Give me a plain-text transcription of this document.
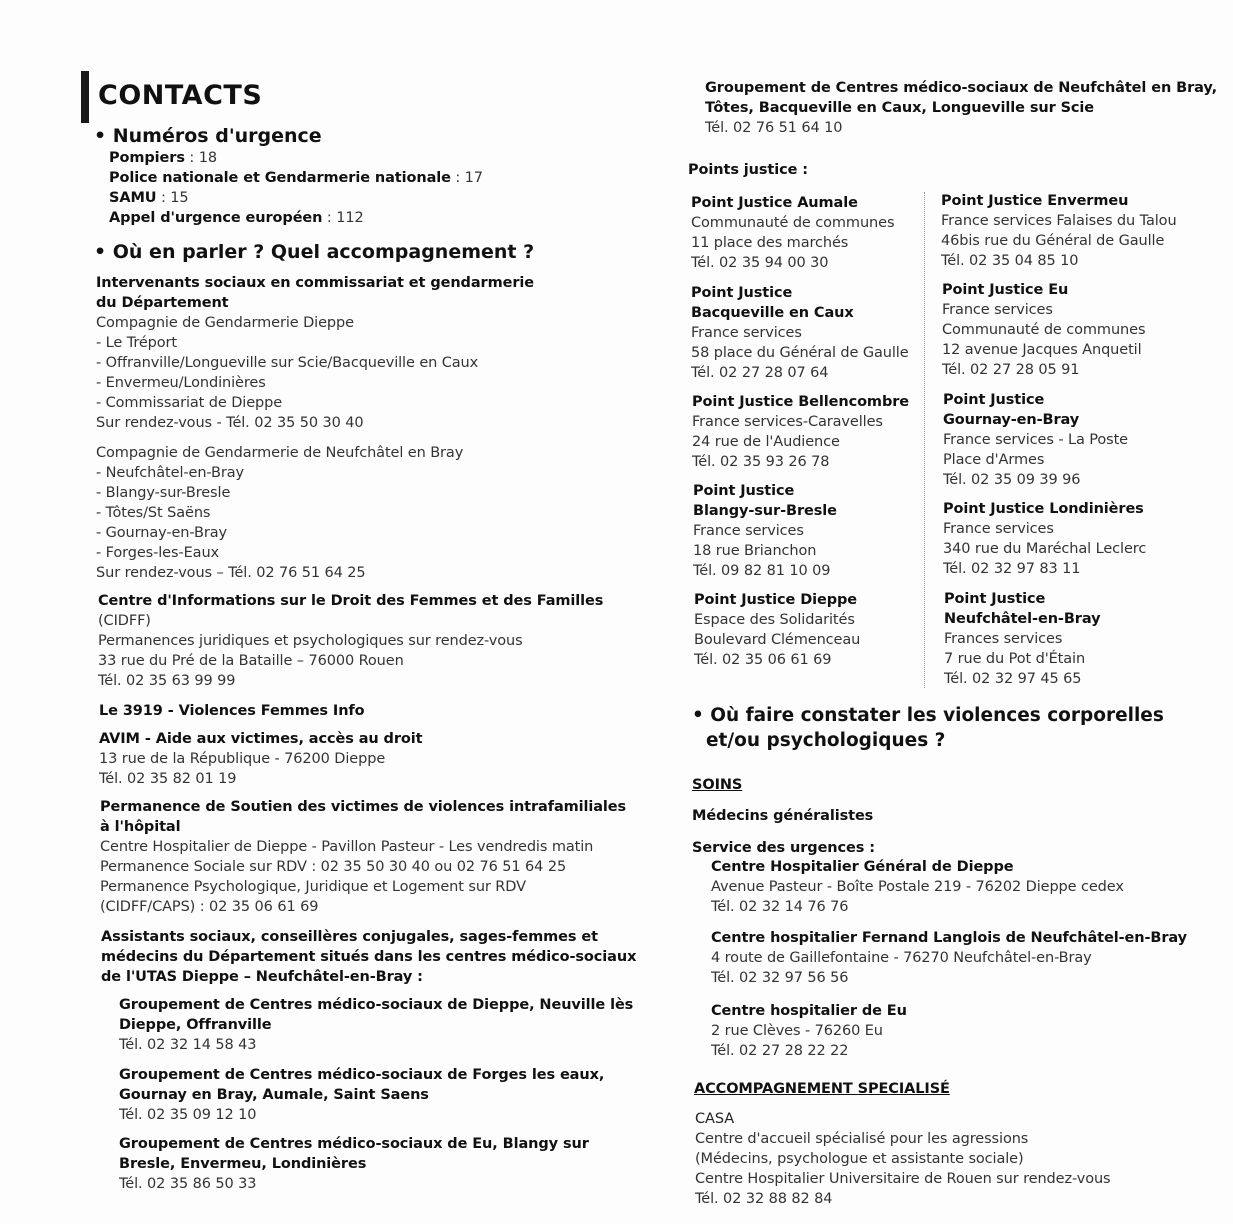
CONTACTS
• Numéros d'urgence
Pompiers : 18
Police nationale et Gendarmerie nationale : 17
SAMU : 15
Appel d'urgence européen : 112
• Où en parler ? Quel accompagnement ?
Intervenants sociaux en commissariat et gendarmerie
du Département
Compagnie de Gendarmerie Dieppe
- Le Tréport
- Offranville/Longueville sur Scie/Bacqueville en Caux
- Envermeu/Londinières
- Commissariat de Dieppe
Sur rendez-vous - Tél. 02 35 50 30 40
Compagnie de Gendarmerie de Neufchâtel en Bray
- Neufchâtel-en-Bray
- Blangy-sur-Bresle
- Tôtes/St Saëns
- Gournay-en-Bray
- Forges-les-Eaux
Sur rendez-vous – Tél. 02 76 51 64 25
Centre d'Informations sur le Droit des Femmes et des Familles
(CIDFF)
Permanences juridiques et psychologiques sur rendez-vous
33 rue du Pré de la Bataille – 76000 Rouen
Tél. 02 35 63 99 99
Le 3919 - Violences Femmes Info
AVIM - Aide aux victimes, accès au droit
13 rue de la République - 76200 Dieppe
Tél. 02 35 82 01 19
Permanence de Soutien des victimes de violences intrafamiliales
à l'hôpital
Centre Hospitalier de Dieppe - Pavillon Pasteur - Les vendredis matin
Permanence Sociale sur RDV : 02 35 50 30 40 ou 02 76 51 64 25
Permanence Psychologique, Juridique et Logement sur RDV
(CIDFF/CAPS) : 02 35 06 61 69
Assistants sociaux, conseillères conjugales, sages-femmes et
médecins du Département situés dans les centres médico-sociaux
de l'UTAS Dieppe – Neufchâtel-en-Bray :
Groupement de Centres médico-sociaux de Dieppe, Neuville lès
Dieppe, Offranville
Tél. 02 32 14 58 43
Groupement de Centres médico-sociaux de Forges les eaux,
Gournay en Bray, Aumale, Saint Saens
Tél. 02 35 09 12 10
Groupement de Centres médico-sociaux de Eu, Blangy sur
Bresle, Envermeu, Londinières
Tél. 02 35 86 50 33
Groupement de Centres médico-sociaux de Neufchâtel en Bray,
Tôtes, Bacqueville en Caux, Longueville sur Scie
Tél. 02 76 51 64 10
Points justice :
Point Justice Aumale
Communauté de communes
11 place des marchés
Tél. 02 35 94 00 30
Point Justice
Bacqueville en Caux
France services
58 place du Général de Gaulle
Tél. 02 27 28 07 64
Point Justice Bellencombre
France services-Caravelles
24 rue de l'Audience
Tél. 02 35 93 26 78
Point Justice
Blangy-sur-Bresle
France services
18 rue Brianchon
Tél. 09 82 81 10 09
Point Justice Dieppe
Espace des Solidarités
Boulevard Clémenceau
Tél. 02 35 06 61 69
Point Justice Envermeu
France services Falaises du Talou
46bis rue du Général de Gaulle
Tél. 02 35 04 85 10
Point Justice Eu
France services
Communauté de communes
12 avenue Jacques Anquetil
Tél. 02 27 28 05 91
Point Justice
Gournay-en-Bray
France services - La Poste
Place d'Armes
Tél. 02 35 09 39 96
Point Justice Londinières
France services
340 rue du Maréchal Leclerc
Tél. 02 32 97 83 11
Point Justice
Neufchâtel-en-Bray
Frances services
7 rue du Pot d'Étain
Tél. 02 32 97 45 65
• Où faire constater les violences corporelles
et/ou psychologiques ?
SOINS
Médecins généralistes
Service des urgences :
Centre Hospitalier Général de Dieppe
Avenue Pasteur - Boîte Postale 219 - 76202 Dieppe cedex
Tél. 02 32 14 76 76
Centre hospitalier Fernand Langlois de Neufchâtel-en-Bray
4 route de Gaillefontaine - 76270 Neufchâtel-en-Bray
Tél. 02 32 97 56 56
Centre hospitalier de Eu
2 rue Clèves - 76260 Eu
Tél. 02 27 28 22 22
ACCOMPAGNEMENT SPECIALISÉ
CASA
Centre d'accueil spécialisé pour les agressions
(Médecins, psychologue et assistante sociale)
Centre Hospitalier Universitaire de Rouen sur rendez-vous
Tél. 02 32 88 82 84
